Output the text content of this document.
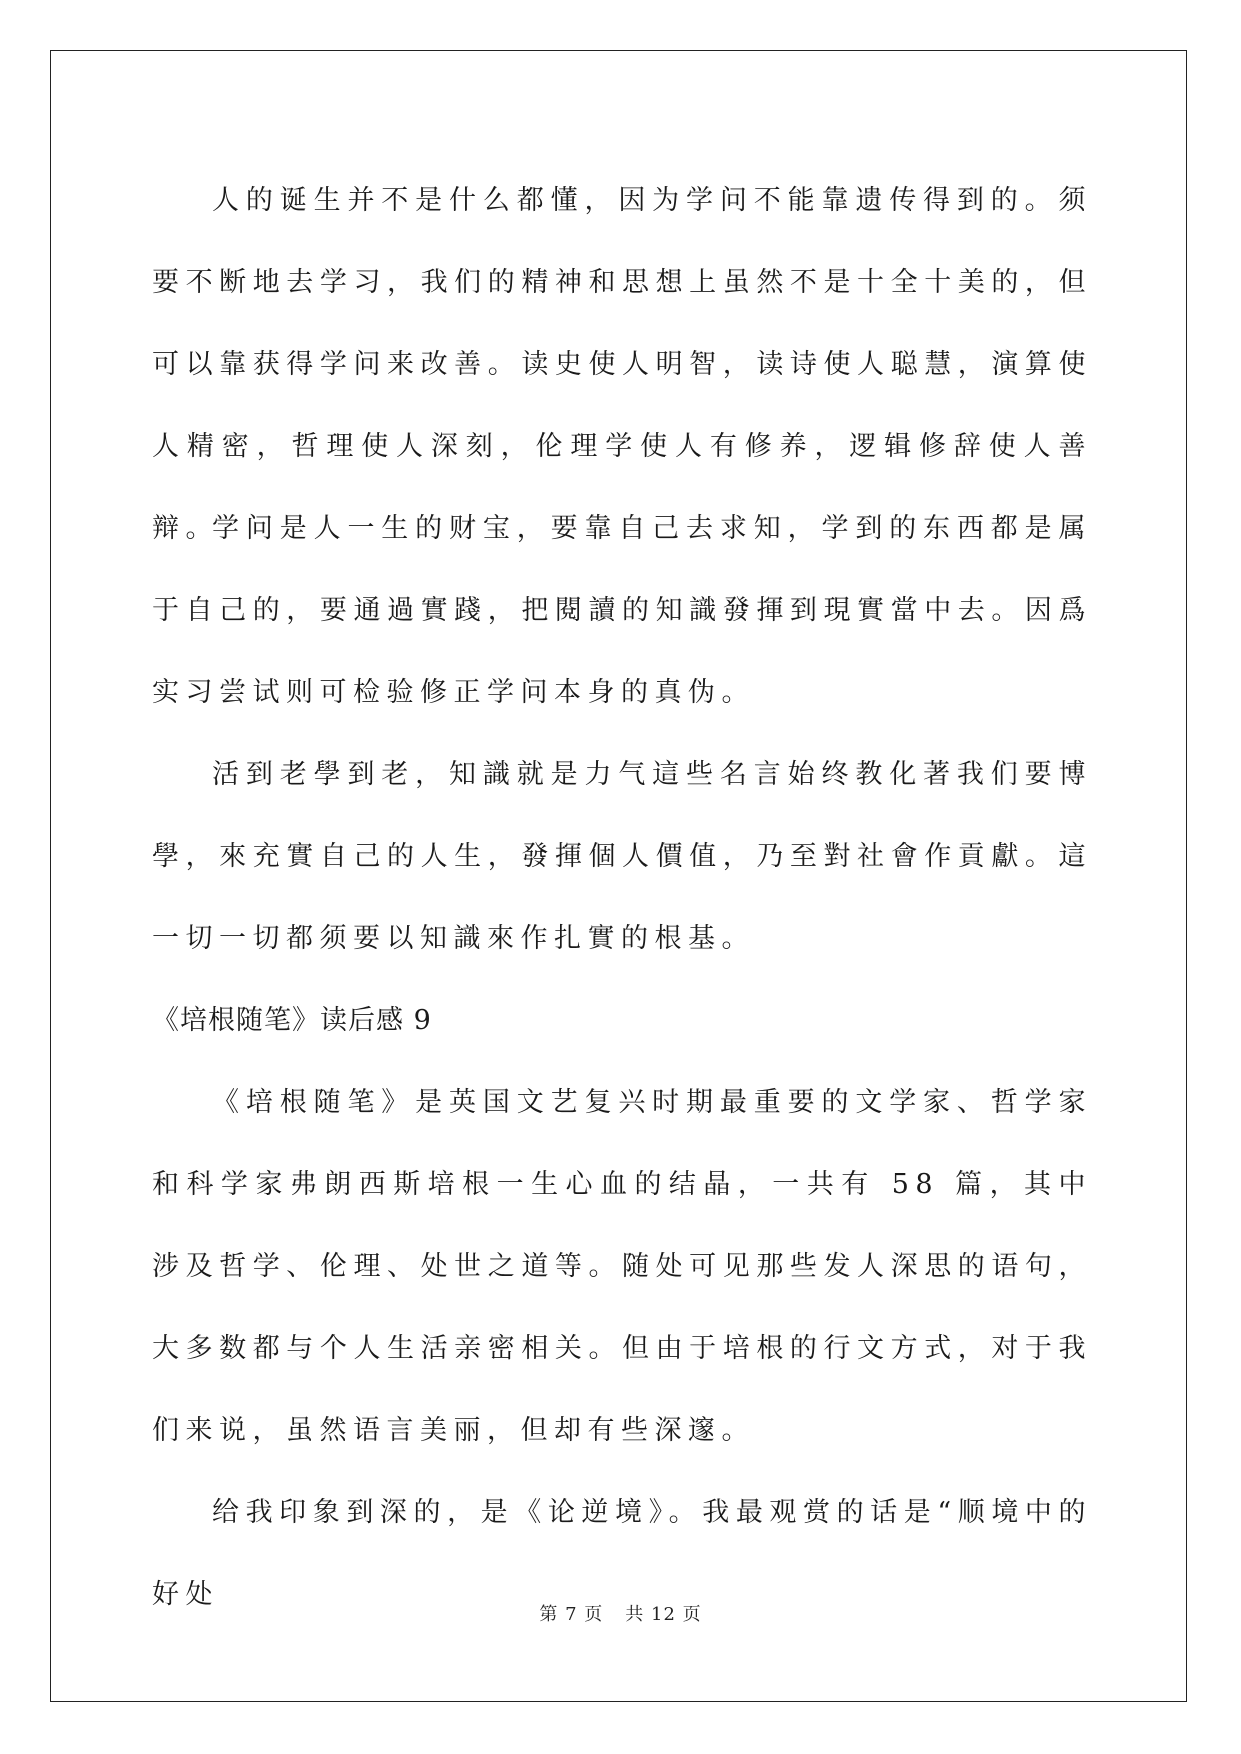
人的诞生并不是什么都懂，因为学问不能靠遗传得到的。须要不断地去学习，我们的精神和思想上虽然不是十全十美的，但可以靠获得学问来改善。读史使人明智，读诗使人聪慧，演算使人精密，哲理使人深刻，伦理学使人有修养，逻辑修辞使人善辩。

学问是人一生的财宝，要靠自己去求知，学到的东西都是属于自己的，要通過實踐，把閱讀的知識發揮到現實當中去。因爲实习尝试则可检验修正学问本身的真伪。

活到老學到老，知識就是力气這些名言始终教化著我们要博學，來充實自己的人生，發揮個人價值，乃至對社會作貢獻。這一切一切都须要以知識來作扎實的根基。

《培根随笔》读后感 9

《培根随笔》是英国文艺复兴时期最重要的文学家、哲学家和科学家弗朗西斯培根一生心血的结晶，一共有 58 篇，其中涉及哲学、伦理、处世之道等。随处可见那些发人深思的语句，大多数都与个人生活亲密相关。但由于培根的行文方式，对于我们来说，虽然语言美丽，但却有些深邃。

给我印象到深的，是《论逆境》。我最观赏的话是“顺境中的好处

第 7 页 共 12 页
